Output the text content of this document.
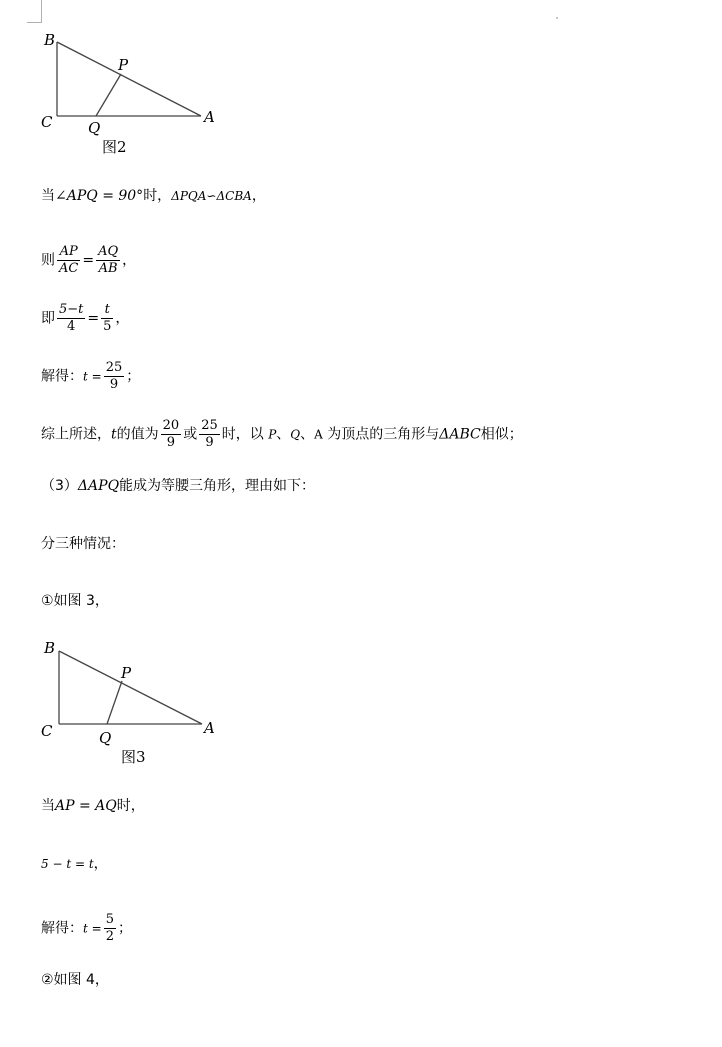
B
P
C Q
A
图2
当∠APQ = 90°时，ΔPQA∽ΔCBA，
则 $\frac{AP}{AC} = \frac{AQ}{AB}$ ，
即 $\frac{5-t}{4} = \frac{t}{5}$ ，
解得：$t = \frac{25}{9}$ ；
综上所述，t的值为 $\frac{20}{9}$ 或 $\frac{25}{9}$ 时，以 P、Q、A 为顶点的三角形与ΔABC相似；
（3）ΔAPQ能成为等腰三角形，理由如下：
分三种情况：
①如图 3，
B
P
C	Q
A
图3
当AP = AQ时，
5 − t = t，
解得：$t = \frac{5}{2}$ ；
②如图 4，
